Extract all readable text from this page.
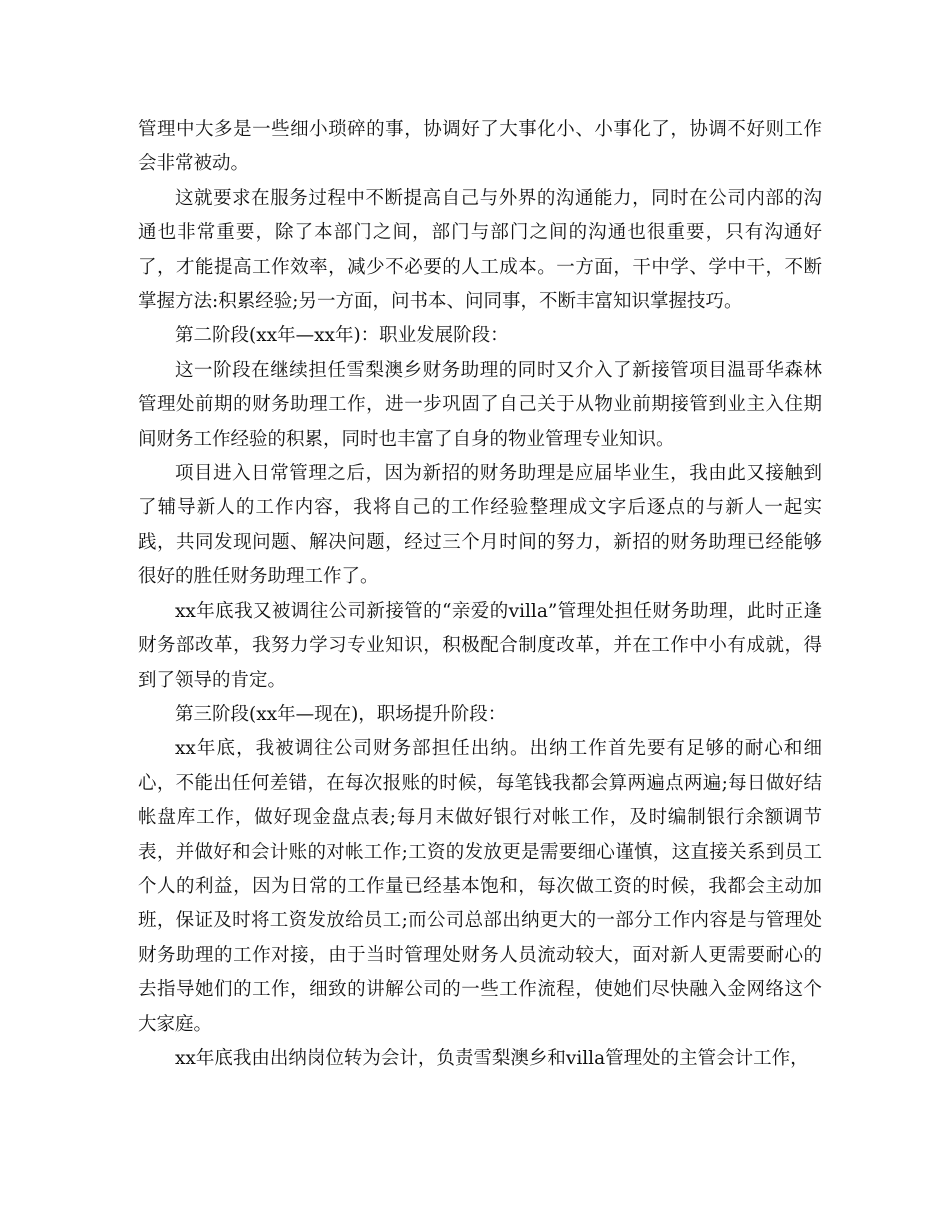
管理中大多是一些细小琐碎的事，协调好了大事化小、小事化了，协调不好则工作会非常被动。

这就要求在服务过程中不断提高自己与外界的沟通能力，同时在公司内部的沟通也非常重要，除了本部门之间，部门与部门之间的沟通也很重要，只有沟通好了，才能提高工作效率，减少不必要的人工成本。一方面，干中学、学中干，不断掌握方法:积累经验;另一方面，问书本、问同事，不断丰富知识掌握技巧。

第二阶段(xx年—xx年)：职业发展阶段：

这一阶段在继续担任雪梨澳乡财务助理的同时又介入了新接管项目温哥华森林管理处前期的财务助理工作，进一步巩固了自己关于从物业前期接管到业主入住期间财务工作经验的积累，同时也丰富了自身的物业管理专业知识。

项目进入日常管理之后，因为新招的财务助理是应届毕业生，我由此又接触到了辅导新人的工作内容，我将自己的工作经验整理成文字后逐点的与新人一起实践，共同发现问题、解决问题，经过三个月时间的努力，新招的财务助理已经能够很好的胜任财务助理工作了。

xx年底我又被调往公司新接管的“亲爱的villa”管理处担任财务助理，此时正逢财务部改革，我努力学习专业知识，积极配合制度改革，并在工作中小有成就，得到了领导的肯定。

第三阶段(xx年—现在)，职场提升阶段：

xx年底，我被调往公司财务部担任出纳。出纳工作首先要有足够的耐心和细心，不能出任何差错，在每次报账的时候，每笔钱我都会算两遍点两遍;每日做好结帐盘库工作，做好现金盘点表;每月末做好银行对帐工作，及时编制银行余额调节表，并做好和会计账的对帐工作;工资的发放更是需要细心谨慎，这直接关系到员工个人的利益，因为日常的工作量已经基本饱和，每次做工资的时候，我都会主动加班，保证及时将工资发放给员工;而公司总部出纳更大的一部分工作内容是与管理处财务助理的工作对接，由于当时管理处财务人员流动较大，面对新人更需要耐心的去指导她们的工作，细致的讲解公司的一些工作流程，使她们尽快融入金网络这个大家庭。

xx年底我由出纳岗位转为会计，负责雪梨澳乡和villa管理处的主管会计工作，
